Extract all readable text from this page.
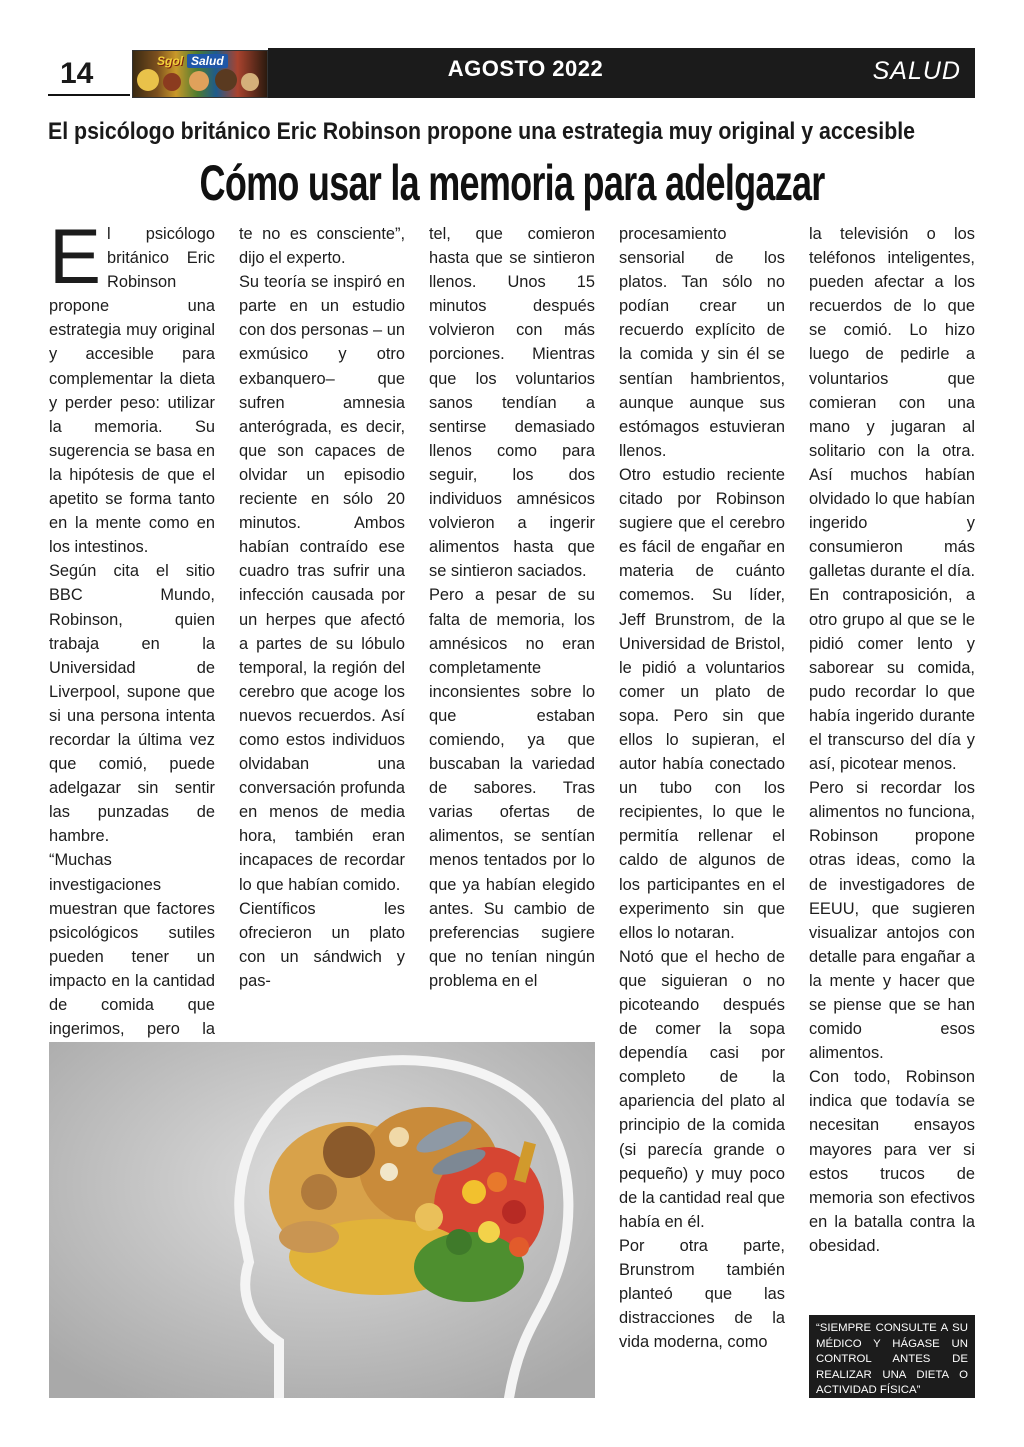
14	Sgol Salud	AGOSTO 2022	SALUD
El psicólogo británico Eric Robinson propone una estrategia muy original y accesible
Cómo usar la memoria para adelgazar

El psicólogo británico Eric Robinson propone una estrategia muy original y accesible para complementar la dieta y perder peso: utilizar la memoria. Su sugerencia se basa en la hipótesis de que el apetito se forma tanto en la mente como en los intestinos.

Según cita el sitio BBC Mundo, Robinson, quien trabaja en la Universidad de Liverpool, supone que si una persona intenta recordar la última vez que comió, puede adelgazar sin sentir las punzadas de hambre.

“Muchas investigaciones muestran que factores psicológicos sutiles pueden tener un impacto en la cantidad de comida que ingerimos, pero la

te no es consciente”, dijo el experto.

Su teoría se inspiró en parte en un estudio con dos personas – un exmúsico y otro exbanquero– que sufren amnesia anterógrada, es decir, que son capaces de olvidar un episodio reciente en sólo 20 minutos. Ambos habían contraído ese cuadro tras sufrir una infección causada por un herpes que afectó a partes de su lóbulo temporal, la región del cerebro que acoge los nuevos recuerdos. Así como estos individuos olvidaban una conversación profunda en menos de media hora, también eran incapaces de recordar lo que habían comido.

Científicos les ofrecieron un plato con un sándwich y pas-

tel, que comieron hasta que se sintieron llenos. Unos 15 minutos después volvieron con más porciones. Mientras que los voluntarios sanos tendían a sentirse demasiado llenos como para seguir, los dos individuos amnésicos volvieron a ingerir alimentos hasta que se sintieron saciados.

Pero a pesar de su falta de memoria, los amnésicos no eran completamente inconsientes sobre lo que estaban comiendo, ya que buscaban la variedad de sabores. Tras varias ofertas de alimentos, se sentían menos tentados por lo que ya habían elegido antes. Su cambio de preferencias sugiere que no tenían ningún problema en el

procesamiento sensorial de los platos. Tan sólo no podían crear un recuerdo explícito de la comida y sin él se sentían hambrientos, aunque aunque sus estómagos estuvieran llenos.

Otro estudio reciente citado por Robinson sugiere que el cerebro es fácil de engañar en materia de cuánto comemos. Su líder, Jeff Brunstrom, de la Universidad de Bristol, le pidió a voluntarios comer un plato de sopa. Pero sin que ellos lo supieran, el autor había conectado un tubo con los recipientes, lo que le permitía rellenar el caldo de algunos de los participantes en el experimento sin que ellos lo notaran.

Notó que el hecho de que siguieran o no picoteando después de comer la sopa dependía casi por completo de la apariencia del plato al principio de la comida (si parecía grande o pequeño) y muy poco de la cantidad real que había en él.

Por otra parte, Brunstrom también planteó que las distracciones de la vida moderna, como

la televisión o los teléfonos inteligentes, pueden afectar a los recuerdos de lo que se comió. Lo hizo luego de pedirle a voluntarios que comieran con una mano y jugaran al solitario con la otra. Así muchos habían olvidado lo que habían ingerido y consumieron más galletas durante el día. En contraposición, a otro grupo al que se le pidió comer lento y saborear su comida, pudo recordar lo que había ingerido durante el transcurso del día y así, picotear menos.

Pero si recordar los alimentos no funciona, Robinson propone otras ideas, como la de investigadores de EEUU, que sugieren visualizar antojos con detalle para engañar a la mente y hacer que se piense que se han comido esos alimentos.

Con todo, Robinson indica que todavía se necesitan ensayos mayores para ver si estos trucos de memoria son efectivos en la batalla contra la obesidad.

“SIEMPRE CONSULTE A SU MÉDICO Y HÁGASE UN CONTROL ANTES DE REALIZAR UNA DIETA O ACTIVIDAD FÍSICA”
